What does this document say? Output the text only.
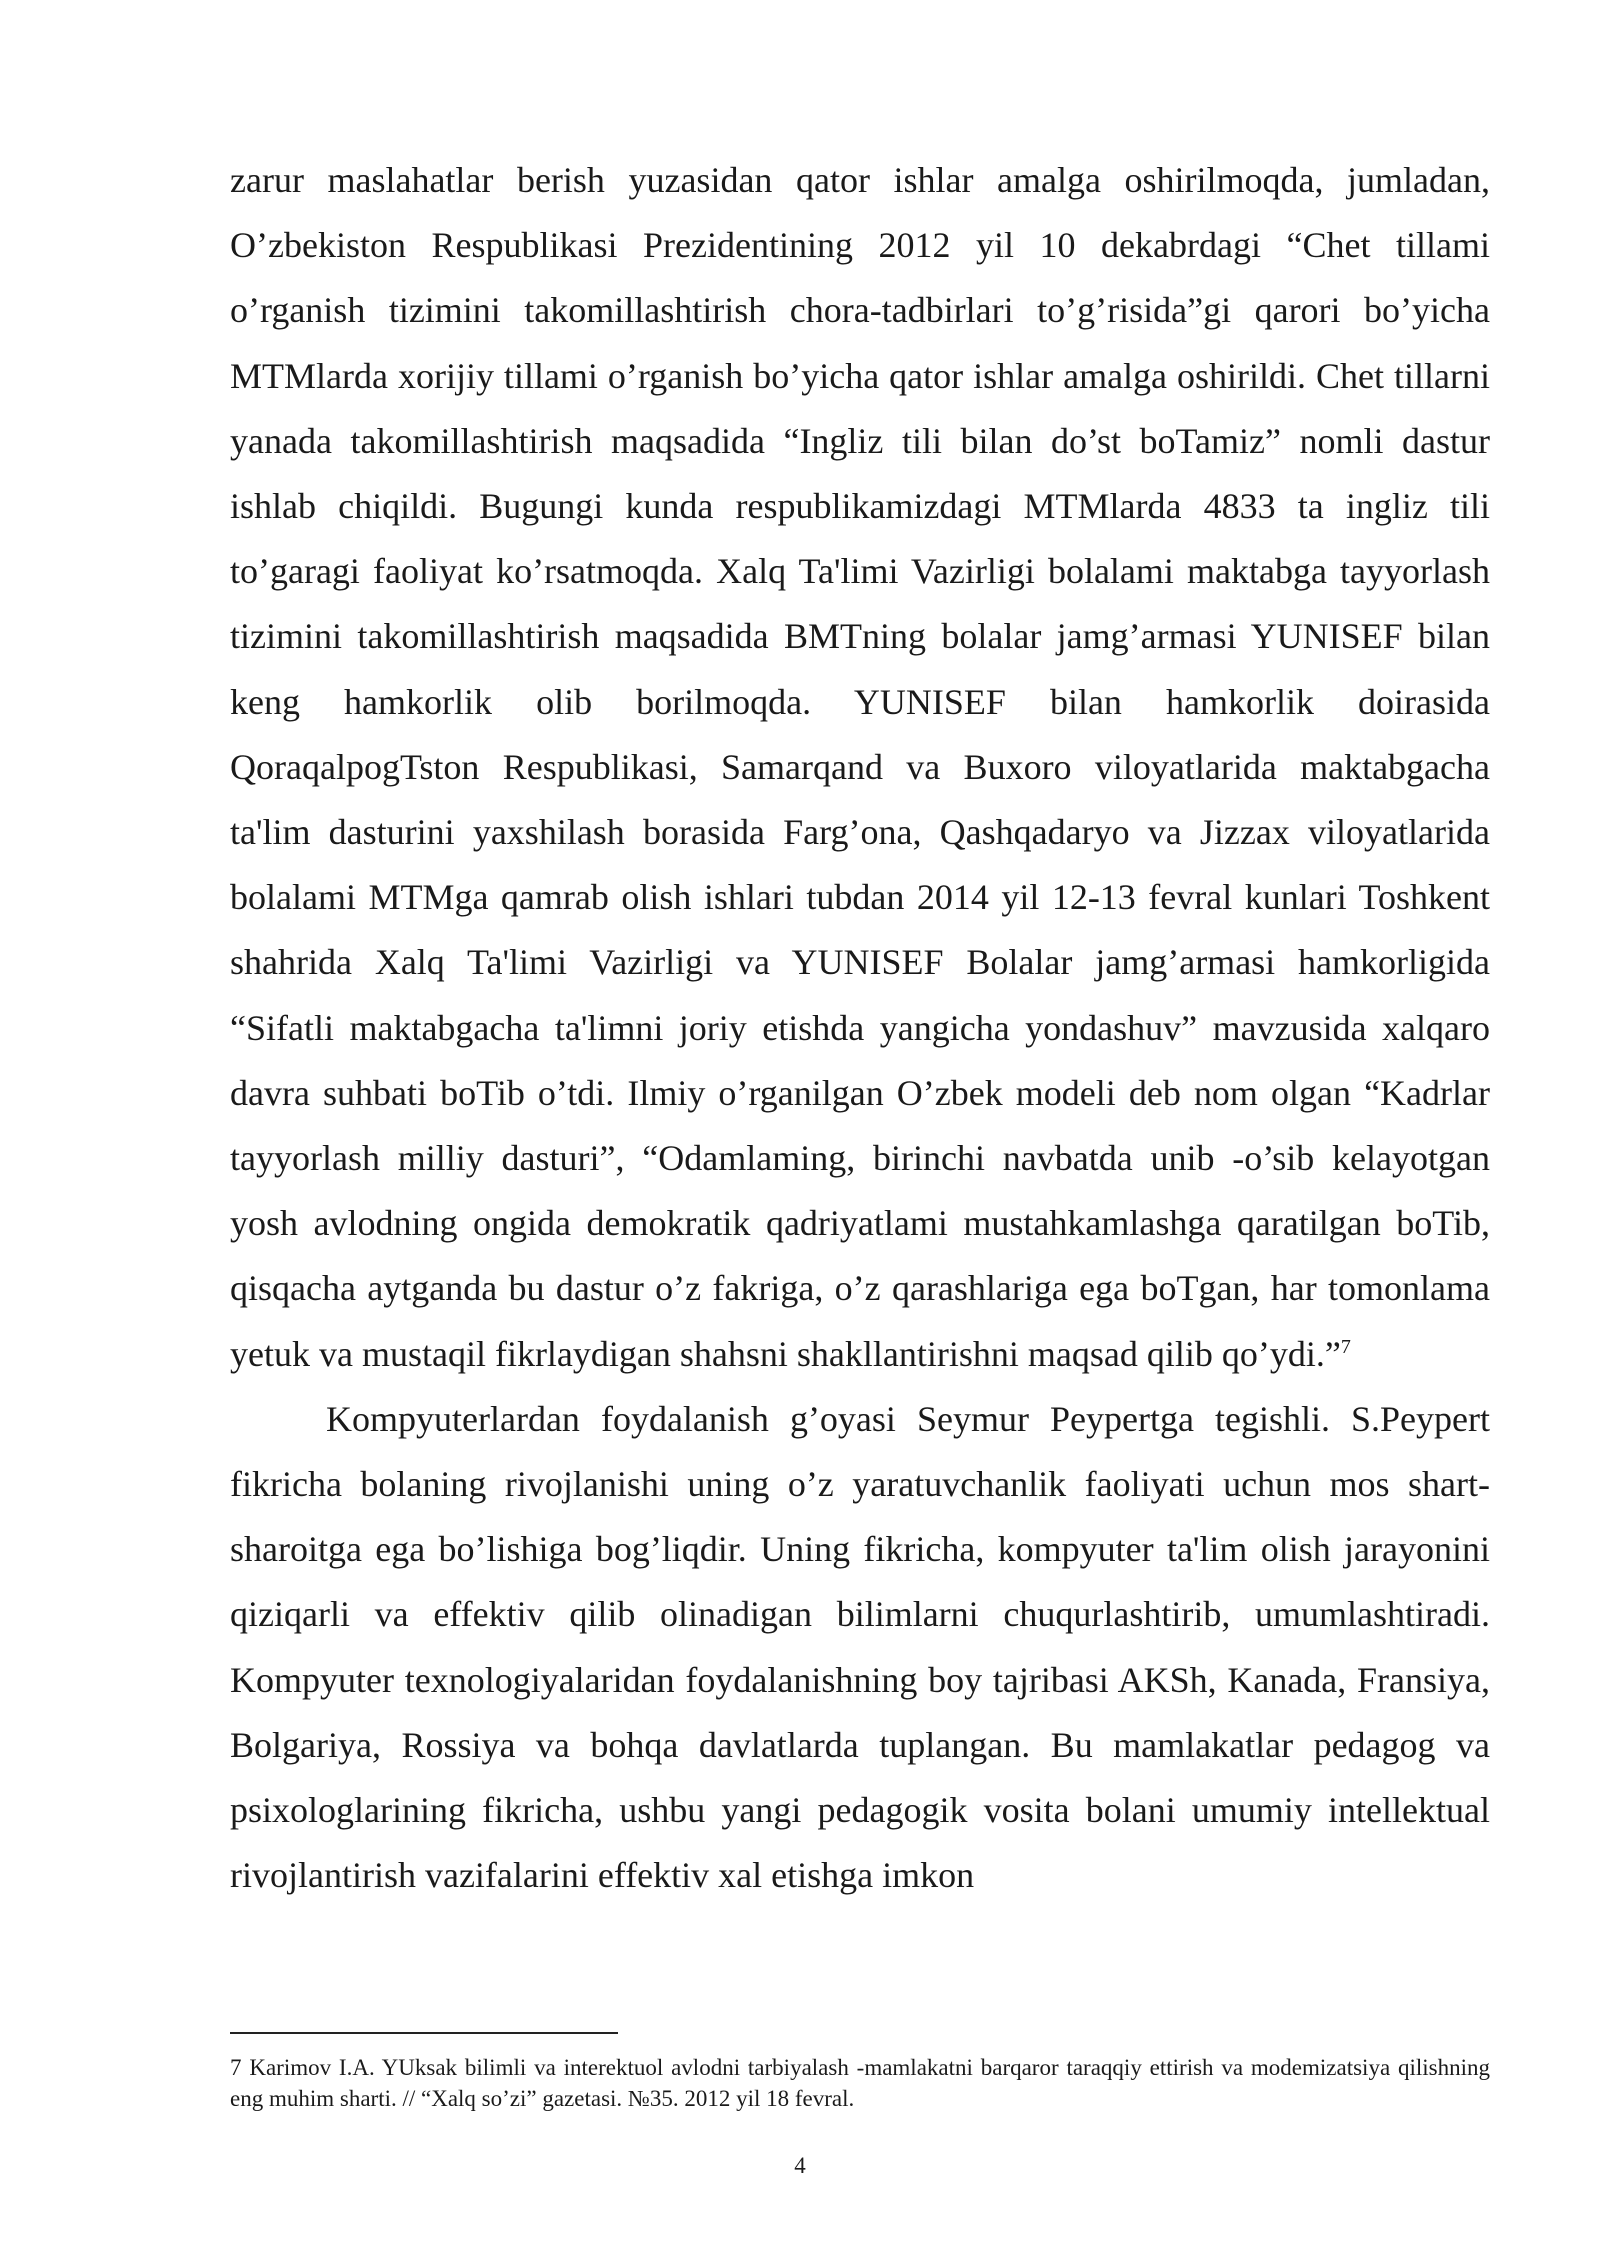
zarur maslahatlar berish yuzasidan qator ishlar amalga oshirilmoqda, jumladan, O’zbekiston Respublikasi Prezidentining 2012 yil 10 dekabrdagi “Chet tillami o’rganish tizimini takomillashtirish chora-tadbirlari to’g’risida”gi qarori bo’yicha MTMlarda xorijiy tillami o’rganish bo’yicha qator ishlar amalga oshirildi. Chet tillarni yanada takomillashtirish maqsadida “Ingliz tili bilan do’st boTamiz” nomli dastur ishlab chiqildi. Bugungi kunda respublikamizdagi MTMlarda 4833 ta ingliz tili to’garagi faoliyat ko’rsatmoqda. Xalq Ta'limi Vazirligi bolalami maktabga tayyorlash tizimini takomillashtirish maqsadida BMTning bolalar jamg’armasi YUNISEF bilan keng hamkorlik olib borilmoqda. YUNISEF bilan hamkorlik doirasida QoraqalpogTston Respublikasi, Samarqand va Buxoro viloyatlarida maktabgacha ta'lim dasturini yaxshilash borasida Farg’ona, Qashqadaryo va Jizzax viloyatlarida bolalami MTMga qamrab olish ishlari tubdan 2014 yil 12-13 fevral kunlari Toshkent shahrida Xalq Ta'limi Vazirligi va YUNISEF Bolalar jamg’armasi hamkorligida “Sifatli maktabgacha ta'limni joriy etishda yangicha yondashuv” mavzusida xalqaro davra suhbati boTib o’tdi. Ilmiy o’rganilgan O’zbek modeli deb nom olgan “Kadrlar tayyorlash milliy dasturi”, “Odamlaming, birinchi navbatda unib -o’sib kelayotgan yosh avlodning ongida demokratik qadriyatlami mustahkamlashga qaratilgan boTib, qisqacha aytganda bu dastur o’z fakriga, o’z qarashlariga ega boTgan, har tomonlama yetuk va mustaqil fikrlaydigan shahsni shakllantirishni maqsad qilib qo’ydi.”$^7$

Kompyuterlardan foydalanish g’oyasi Seymur Peypertga tegishli. S.Peypert fikricha bolaning rivojlanishi uning o’z yaratuvchanlik faoliyati uchun mos shart-sharoitga ega bo’lishiga bog’liqdir. Uning fikricha, kompyuter ta'lim olish jarayonini qiziqarli va effektiv qilib olinadigan bilimlarni chuqurlashtirib, umumlashtiradi. Kompyuter texnologiyalaridan foydalanishning boy tajribasi AKSh, Kanada, Fransiya, Bolgariya, Rossiya va bohqa davlatlarda tuplangan. Bu mamlakatlar pedagog va psixologlarining fikricha, ushbu yangi pedagogik vosita bolani umumiy intellektual rivojlantirish vazifalarini effektiv xal etishga imkon

7 Karimov I.A. YUksak bilimli va interektuol avlodni tarbiyalash -mamlakatni barqaror taraqqiy ettirish va modemizatsiya qilishning eng muhim sharti. // “Xalq so’zi” gazetasi. №35. 2012 yil 18 fevral.
4
